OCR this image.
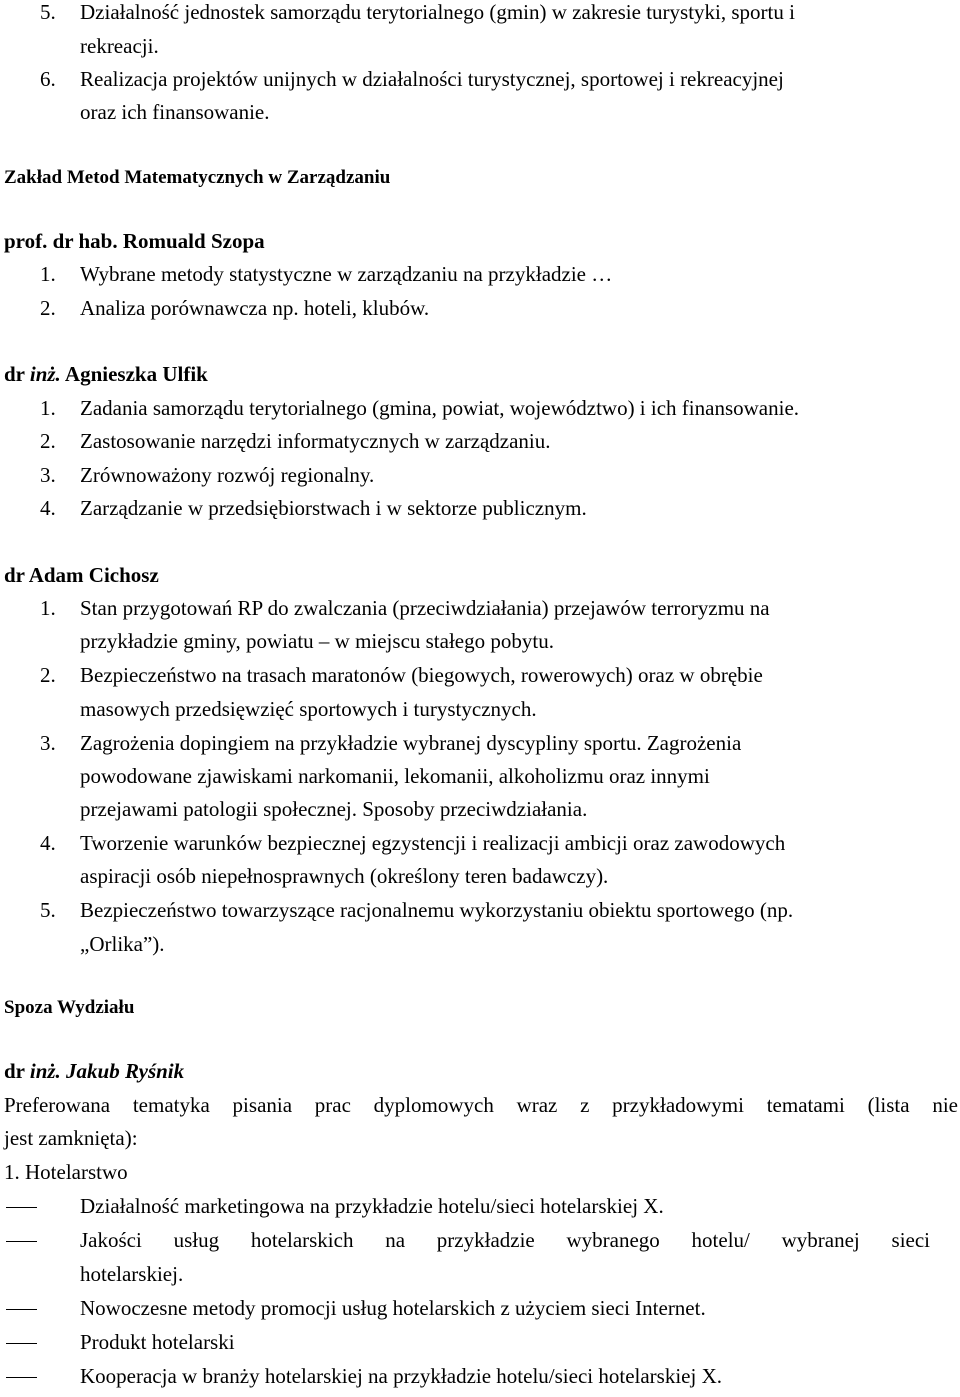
5. Działalność jednostek samorządu terytorialnego (gmin) w zakresie turystyki, sportu i
rekreacji.
6. Realizacja projektów unijnych w działalności turystycznej, sportowej i rekreacyjnej
oraz ich finansowanie.
Zakład Metod Matematycznych w Zarządzaniu
prof. dr hab. Romuald Szopa
1. Wybrane metody statystyczne w zarządzaniu na przykładzie …
2. Analiza porównawcza np. hoteli, klubów.
dr inż. Agnieszka Ulfik
1. Zadania samorządu terytorialnego (gmina, powiat, województwo) i ich finansowanie.
2. Zastosowanie narzędzi informatycznych w zarządzaniu.
3. Zrównoważony rozwój regionalny.
4. Zarządzanie w przedsiębiorstwach i w sektorze publicznym.
dr Adam Cichosz
1. Stan przygotowań RP do zwalczania (przeciwdziałania) przejawów terroryzmu na
przykładzie gminy, powiatu – w miejscu stałego pobytu.
2. Bezpieczeństwo na trasach maratonów (biegowych, rowerowych) oraz w obrębie
masowych przedsięwzięć sportowych i turystycznych.
3. Zagrożenia dopingiem na przykładzie wybranej dyscypliny sportu. Zagrożenia
powodowane zjawiskami narkomanii, lekomanii, alkoholizmu oraz innymi
przejawami patologii społecznej. Sposoby przeciwdziałania.
4. Tworzenie warunków bezpiecznej egzystencji i realizacji ambicji oraz zawodowych
aspiracji osób niepełnosprawnych (określony teren badawczy).
5. Bezpieczeństwo towarzyszące racjonalnemu wykorzystaniu obiektu sportowego (np.
„Orlika”).
Spoza Wydziału
dr inż. Jakub Ryśnik
Preferowana tematyka pisania prac dyplomowych wraz z przykładowymi tematami (lista nie
jest zamknięta):
1. Hotelarstwo
Działalność marketingowa na przykładzie hotelu/sieci hotelarskiej X.
Jakości usług hotelarskich na przykładzie wybranego hotelu/ wybranej sieci
hotelarskiej.
Nowoczesne metody promocji usług hotelarskich z użyciem sieci Internet.
Produkt hotelarski
Kooperacja w branży hotelarskiej na przykładzie hotelu/sieci hotelarskiej X.
